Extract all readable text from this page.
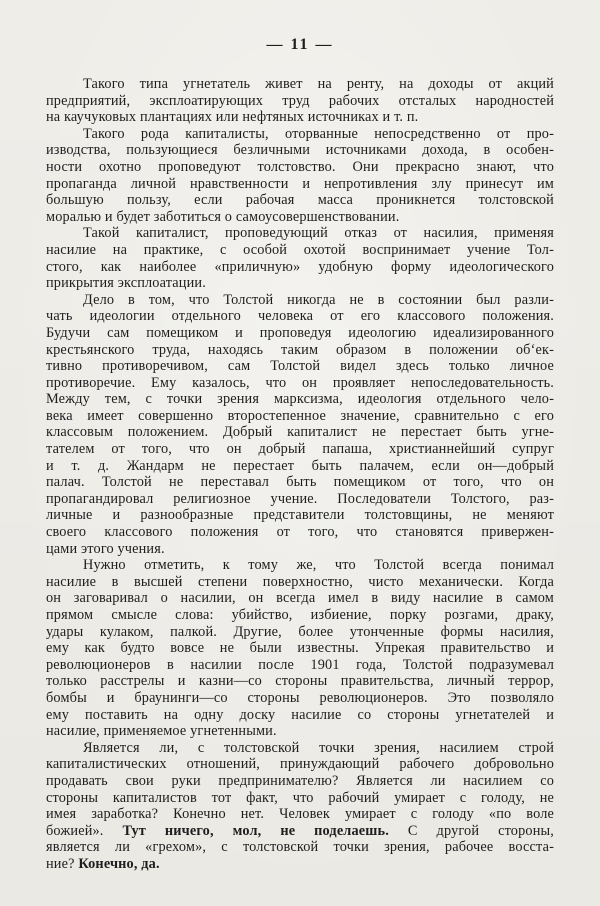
— 11 —
Такого типа угнетатель живет на ренту, на доходы от акций
предприятий, эксплоатирующих труд рабочих отсталых народностей
на каучуковых плантациях или нефтяных источниках и т. п.
Такого рода капиталисты, оторванные непосредственно от про-
изводства, пользующиеся безличными источниками дохода, в особен-
ности охотно проповедуют толстовство. Они прекрасно знают, что
пропаганда личной нравственности и непротивления злу принесут им
большую пользу, если рабочая масса проникнется толстовской
моралью и будет заботиться о самоусовершенствовании.
Такой капиталист, проповедующий отказ от насилия, применяя
насилие на практике, с особой охотой воспринимает учение Тол-
стого, как наиболее «приличную» удобную форму идеологического
прикрытия эксплоатации.
Дело в том, что Толстой никогда не в состоянии был разли-
чать идеологии отдельного человека от его классового положения.
Будучи сам помещиком и проповедуя идеологию идеализированного
крестьянского труда, находясь таким образом в положении об‘ек-
тивно противоречивом, сам Толстой видел здесь только личное
противоречие. Ему казалось, что он проявляет непоследовательность.
Между тем, с точки зрения марксизма, идеология отдельного чело-
века имеет совершенно второстепенное значение, сравнительно с его
классовым положением. Добрый капиталист не перестает быть угне-
тателем от того, что он добрый папаша, христианнейший супруг
и т. д. Жандарм не перестает быть палачем, если он—добрый
палач. Толстой не переставал быть помещиком от того, что он
пропагандировал религиозное учение. Последователи Толстого, раз-
личные и разнообразные представители толстовщины, не меняют
своего классового положения от того, что становятся привержен-
цами этого учения.
Нужно отметить, к тому же, что Толстой всегда понимал
насилие в высшей степени поверхностно, чисто механически. Когда
он заговаривал о насилии, он всегда имел в виду насилие в самом
прямом смысле слова: убийство, избиение, порку розгами, драку,
удары кулаком, палкой. Другие, более утонченные формы насилия,
ему как будто вовсе не были известны. Упрекая правительство и
революционеров в насилии после 1901 года, Толстой подразумевал
только расстрелы и казни—со стороны правительства, личный террор,
бомбы и браунинги—со стороны революционеров. Это позволяло
ему поставить на одну доску насилие со стороны угнетателей и
насилие, применяемое угнетенными.
Является ли, с толстовской точки зрения, насилием строй
капиталистических отношений, принуждающий рабочего добровольно
продавать свои руки предпринимателю? Является ли насилием со
стороны капиталистов тот факт, что рабочий умирает с голоду, не
имея заработка? Конечно нет. Человек умирает с голоду «по воле
божией». Тут ничего, мол, не поделаешь. С другой стороны,
является ли «грехом», с толстовской точки зрения, рабочее восста-
ние? Конечно, да.
